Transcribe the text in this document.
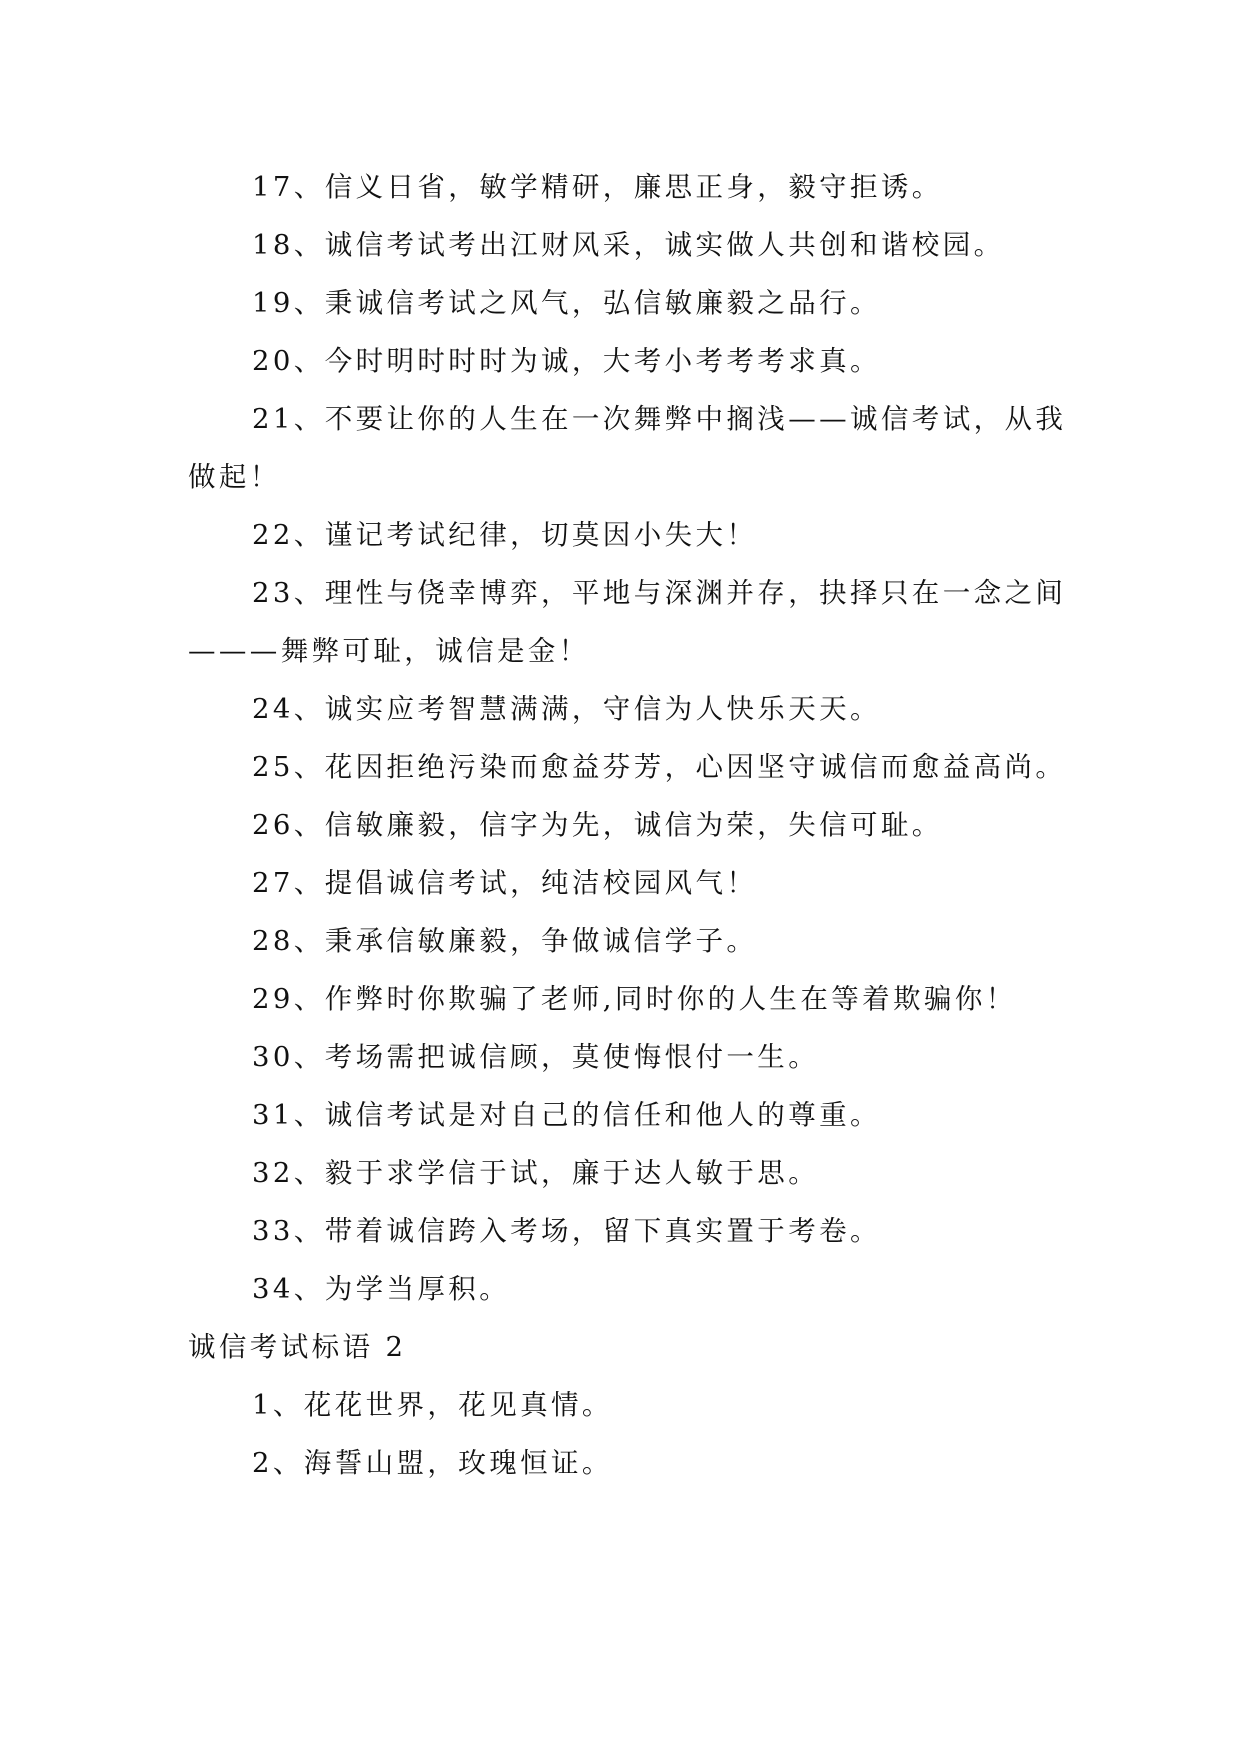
17、信义日省，敏学精研，廉思正身，毅守拒诱。

18、诚信考试考出江财风采，诚实做人共创和谐校园。

19、秉诚信考试之风气，弘信敏廉毅之品行。

20、今时明时时时为诚，大考小考考考求真。

21、不要让你的人生在一次舞弊中搁浅——诚信考试，从我做起！

22、谨记考试纪律，切莫因小失大！

23、理性与侥幸博弈，平地与深渊并存，抉择只在一念之间———舞弊可耻，诚信是金！

24、诚实应考智慧满满，守信为人快乐天天。

25、花因拒绝污染而愈益芬芳，心因坚守诚信而愈益高尚。

26、信敏廉毅，信字为先，诚信为荣，失信可耻。

27、提倡诚信考试，纯洁校园风气！

28、秉承信敏廉毅，争做诚信学子。

29、作弊时你欺骗了老师,同时你的人生在等着欺骗你！

30、考场需把诚信顾，莫使悔恨付一生。

31、诚信考试是对自己的信任和他人的尊重。

32、毅于求学信于试，廉于达人敏于思。

33、带着诚信跨入考场，留下真实置于考卷。

34、为学当厚积。

诚信考试标语 2

1、花花世界，花见真情。

2、海誓山盟，玫瑰恒证。
